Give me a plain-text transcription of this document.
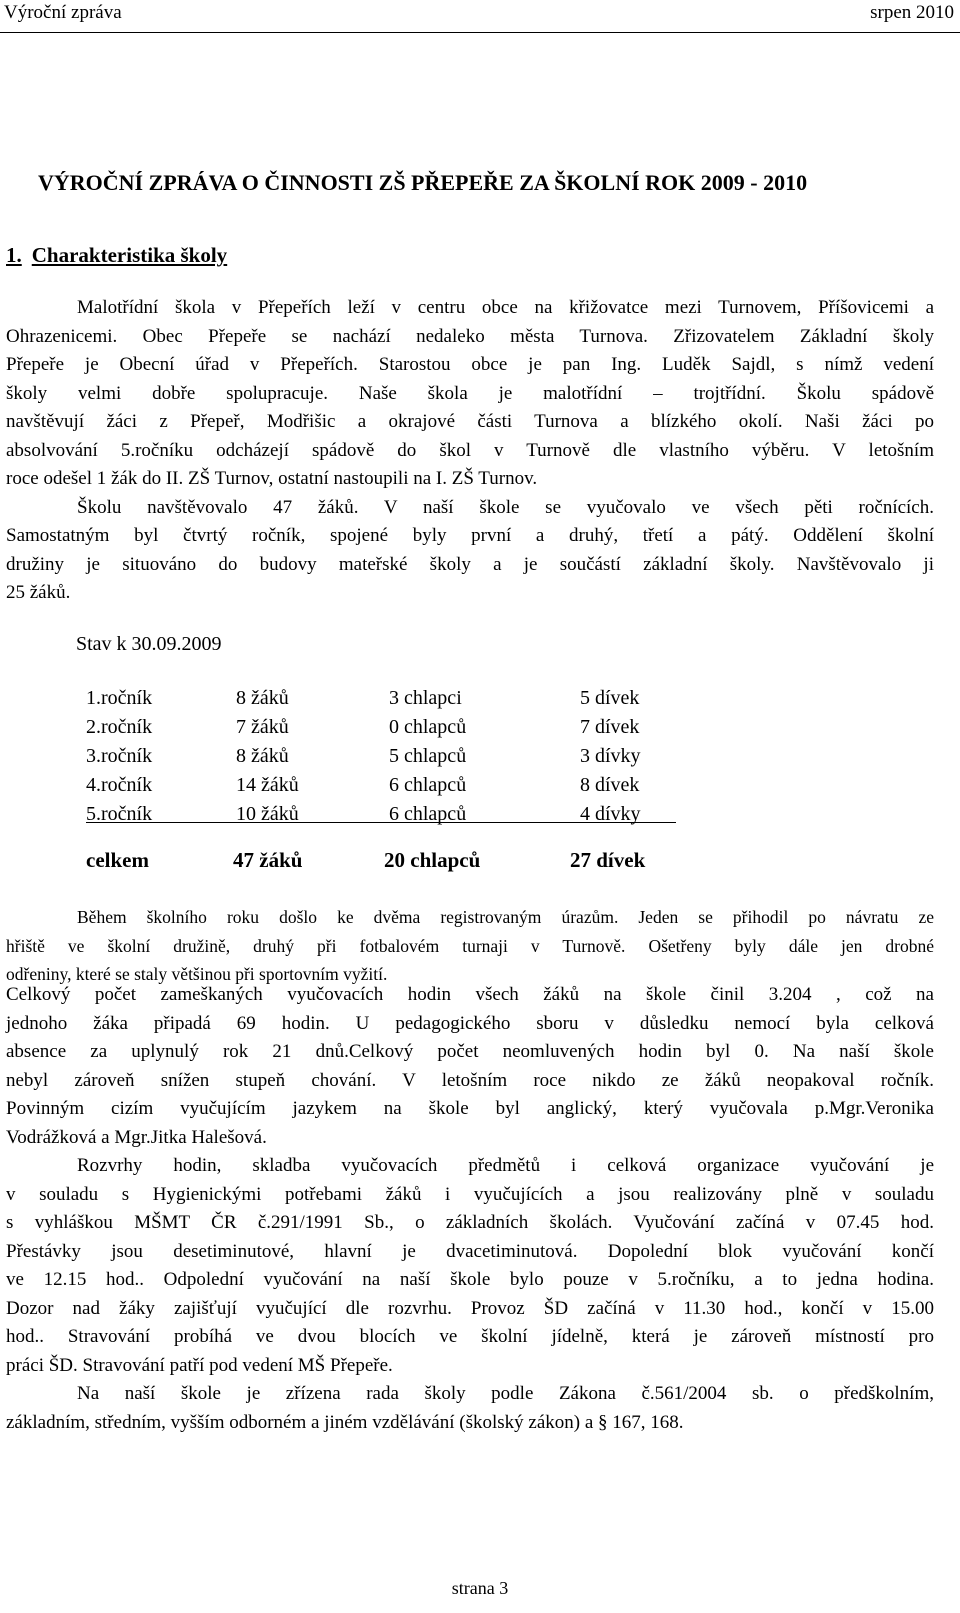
Výroční zpráva	srpen 2010
VÝROČNÍ ZPRÁVA O ČINNOSTI ZŠ PŘEPEŘE ZA ŠKOLNÍ ROK 2009 - 2010
1. Charakteristika školy
Malotřídní škola v Přepeřích leží v centru obce na křižovatce mezi Turnovem, Příšovicemi a
Ohrazenicemi. Obec Přepeře se nachází nedaleko města Turnova. Zřizovatelem Základní školy
Přepeře je Obecní úřad v Přepeřích. Starostou obce je pan Ing. Luděk Sajdl, s nímž vedení
školy velmi dobře spolupracuje. Naše škola je malotřídní – trojtřídní. Školu spádově
navštěvují žáci z Přepeř, Modřišic a okrajové části Turnova a blízkého okolí. Naši žáci po
absolvování 5.ročníku odcházejí spádově do škol v Turnově dle vlastního výběru. V letošním
roce odešel 1 žák do II. ZŠ Turnov, ostatní nastoupili na I. ZŠ Turnov.
Školu navštěvovalo 47 žáků. V naší škole se vyučovalo ve všech pěti ročnících.
Samostatným byl čtvrtý ročník, spojené byly první a druhý, třetí a pátý. Oddělení školní
družiny je situováno do budovy mateřské školy a je součástí základní školy. Navštěvovalo ji
25 žáků.
Stav k 30.09.2009
1.ročník	8 žáků	3 chlapci	5 dívek
2.ročník	7 žáků	0 chlapců	7 dívek
3.ročník	8 žáků	5 chlapců	3 dívky
4.ročník	14 žáků	6 chlapců	8 dívek
5.ročník	10 žáků	6 chlapců	4 dívky
celkem	47 žáků	20 chlapců	27 dívek
Během školního roku došlo ke dvěma registrovaným úrazům. Jeden se přihodil po návratu ze
hřiště ve školní družině, druhý při fotbalovém turnaji v Turnově. Ošetřeny byly dále jen drobné
odřeniny, které se staly většinou při sportovním vyžití.
Celkový počet zameškaných vyučovacích hodin všech žáků na škole činil 3.204 , což na
jednoho žáka připadá 69 hodin. U pedagogického sboru v důsledku nemocí byla celková
absence za uplynulý rok 21 dnů.Celkový počet neomluvených hodin byl 0. Na naší škole
nebyl zároveň snížen stupeň chování. V letošním roce nikdo ze žáků neopakoval ročník.
Povinným cizím vyučujícím jazykem na škole byl anglický, který vyučovala p.Mgr.Veronika
Vodrážková a Mgr.Jitka Halešová.
Rozvrhy hodin, skladba vyučovacích předmětů i celková organizace vyučování je
v souladu s Hygienickými potřebami žáků i vyučujících a jsou realizovány plně v souladu
s vyhláškou MŠMT ČR č.291/1991 Sb., o základních školách. Vyučování začíná v 07.45 hod.
Přestávky jsou desetiminutové, hlavní je dvacetiminutová. Dopolední blok vyučování končí
ve 12.15 hod.. Odpolední vyučování na naší škole bylo pouze v 5.ročníku, a to jedna hodina.
Dozor nad žáky zajišťují vyučující dle rozvrhu. Provoz ŠD začíná v 11.30 hod., končí v 15.00
hod.. Stravování probíhá ve dvou blocích ve školní jídelně, která je zároveň místností pro
práci ŠD. Stravování patří pod vedení MŠ Přepeře.
Na naší škole je zřízena rada školy podle Zákona č.561/2004 sb. o předškolním,
základním, středním, vyšším odborném a jiném vzdělávání (školský zákon) a § 167, 168.
strana 3
